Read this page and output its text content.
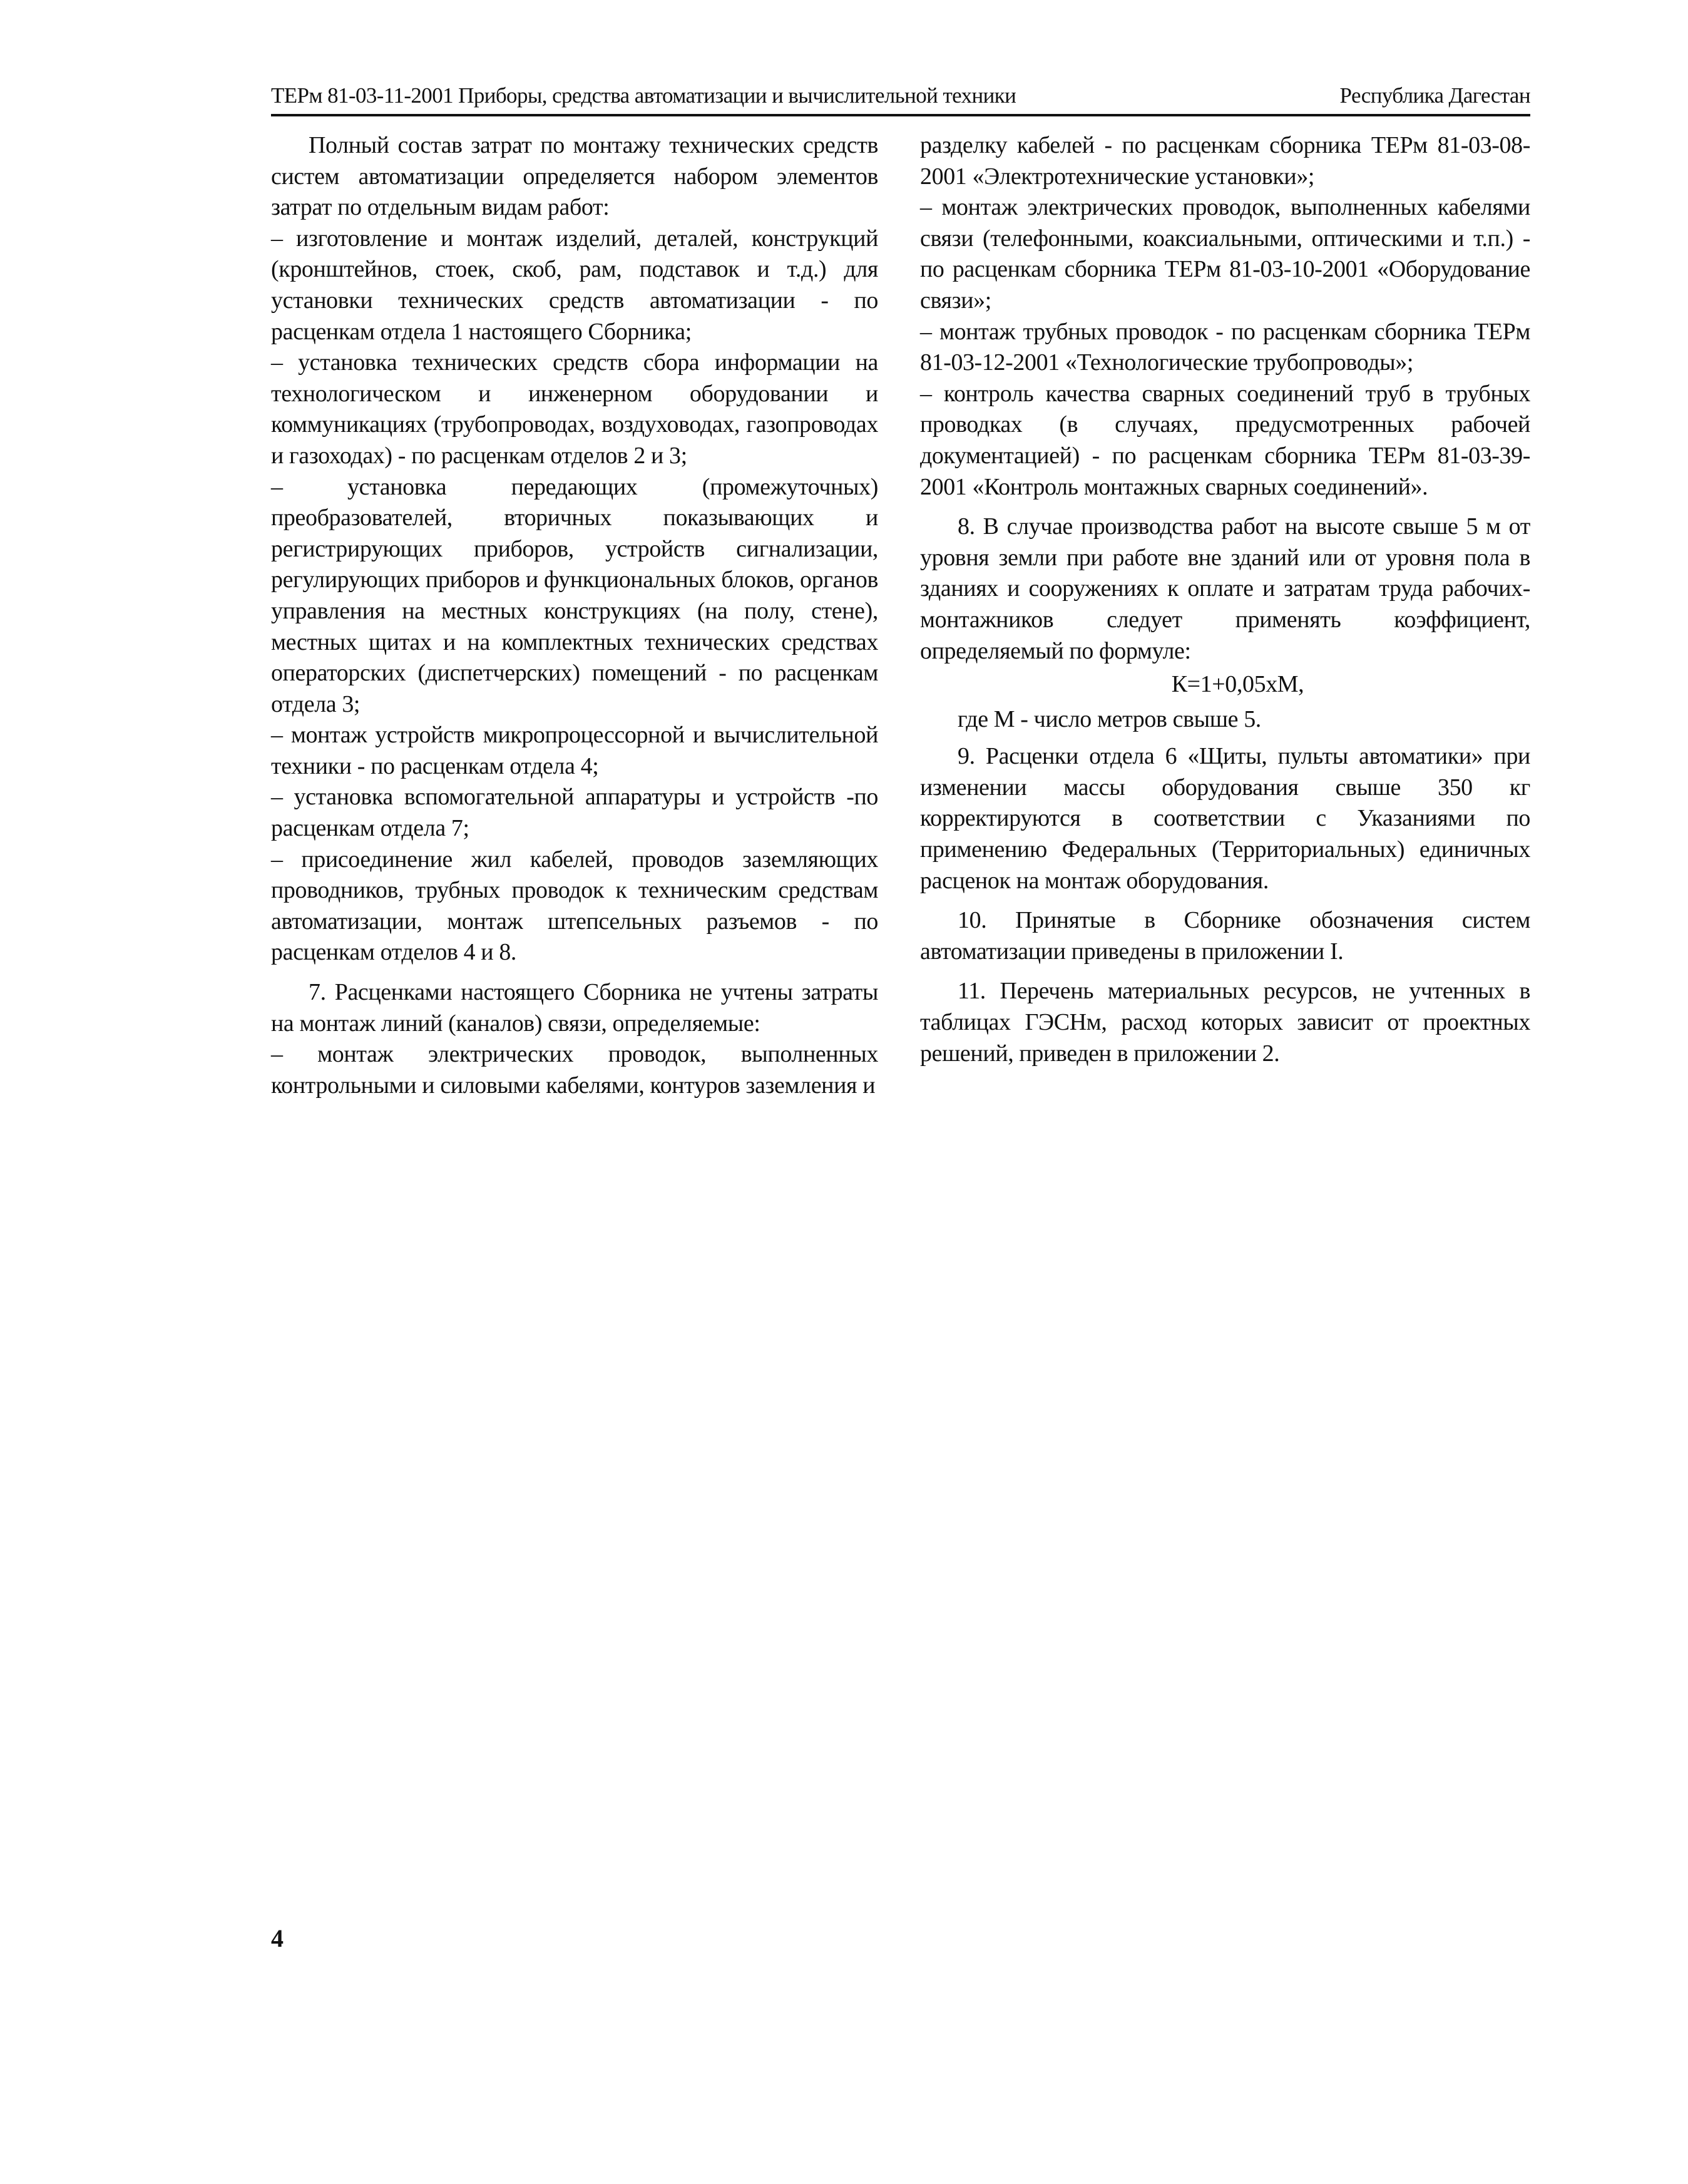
ТЕРм 81-03-11-2001 Приборы, средства автоматизации и вычислительной техники	Республика Дагестан

Полный состав затрат по монтажу технических средств систем автоматизации определяется набором элементов затрат по отдельным видам работ:

– изготовление и монтаж изделий, деталей, конструкций (кронштейнов, стоек, скоб, рам, подставок и т.д.) для установки технических средств автоматизации - по расценкам отдела 1 настоящего Сборника;

– установка технических средств сбора информации на технологическом и инженерном оборудовании и коммуникациях (трубопроводах, воздуховодах, газопроводах и газоходах) - по расценкам отделов 2 и 3;

– установка передающих (промежуточных) преобразователей, вторичных показывающих и регистрирующих приборов, устройств сигнализации, регулирующих приборов и функциональных блоков, органов управления на местных конструкциях (на полу, стене), местных щитах и на комплектных технических средствах операторских (диспетчерских) помещений - по расценкам отдела 3;

– монтаж устройств микропроцессорной и вычислительной техники - по расценкам отдела 4;

– установка вспомогательной аппаратуры и устройств -по расценкам отдела 7;

– присоединение жил кабелей, проводов заземляющих проводников, трубных проводок к техническим средствам автоматизации, монтаж штепсельных разъемов - по расценкам отделов 4 и 8.

7. Расценками настоящего Сборника не учтены затраты на монтаж линий (каналов) связи, определяемые:

– монтаж электрических проводок, выполненных контрольными и силовыми кабелями, контуров заземления и

разделку кабелей - по расценкам сборника ТЕРм 81-03-08-2001 «Электротехнические установки»;

– монтаж электрических проводок, выполненных кабелями связи (телефонными, коаксиальными, оптическими и т.п.) - по расценкам сборника ТЕРм 81-03-10-2001 «Оборудование связи»;

– монтаж трубных проводок - по расценкам сборника ТЕРм 81-03-12-2001 «Технологические трубопроводы»;

– контроль качества сварных соединений труб в трубных проводках (в случаях, предусмотренных рабочей документацией) - по расценкам сборника ТЕРм 81-03-39-2001 «Контроль монтажных сварных соединений».

8. В случае производства работ на высоте свыше 5 м от уровня земли при работе вне зданий или от уровня пола в зданиях и сооружениях к оплате и затратам труда рабочих-монтажников следует применять коэффициент, определяемый по формуле:

К=1+0,05хМ,

где М - число метров свыше 5.

9. Расценки отдела 6 «Щиты, пульты автоматики» при изменении массы оборудования свыше 350 кг корректируются в соответствии с Указаниями по применению Федеральных (Территориальных) единичных расценок на монтаж оборудования.

10. Принятые в Сборнике обозначения систем автоматизации приведены в приложении I.

11. Перечень материальных ресурсов, не учтенных в таблицах ГЭСНм, расход которых зависит от проектных решений, приведен в приложении 2.

4
